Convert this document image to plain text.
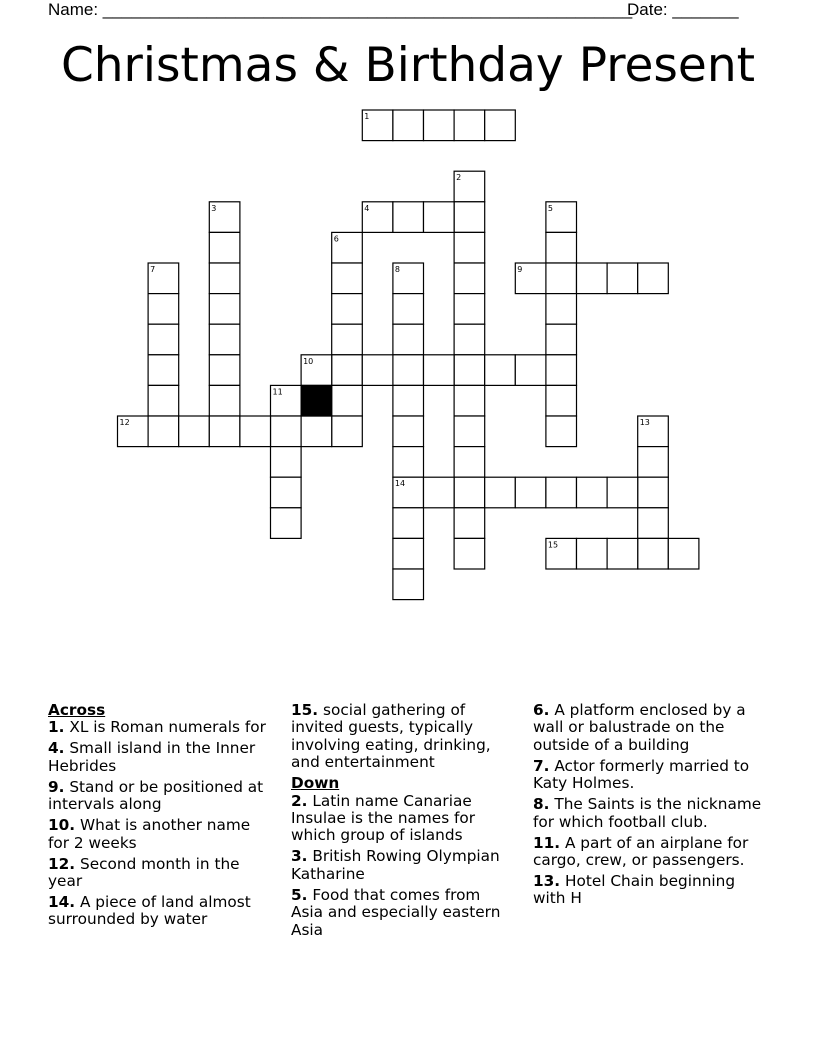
Name: ________________________________________________________
Date: _______
Christmas & Birthday Present
1
2
3	4	5
6
7	8	9
10
11
12	13
14
15

Across

1. XL is Roman numerals for

4. Small island in the Inner Hebrides

9. Stand or be positioned at intervals along

10. What is another name for 2 weeks

12. Second month in the year

14. A piece of land almost surrounded by water

15. social gathering of invited guests, typically involving eating, drinking, and entertainment

Down

2. Latin name Canariae Insulae is the names for which group of islands

3. British Rowing Olympian Katharine

5. Food that comes from Asia and especially eastern Asia

6. A platform enclosed by a wall or balustrade on the outside of a building

7. Actor formerly married to Katy Holmes.

8. The Saints is the nickname for which football club.

11. A part of an airplane for cargo, crew, or passengers.

13. Hotel Chain beginning with H
